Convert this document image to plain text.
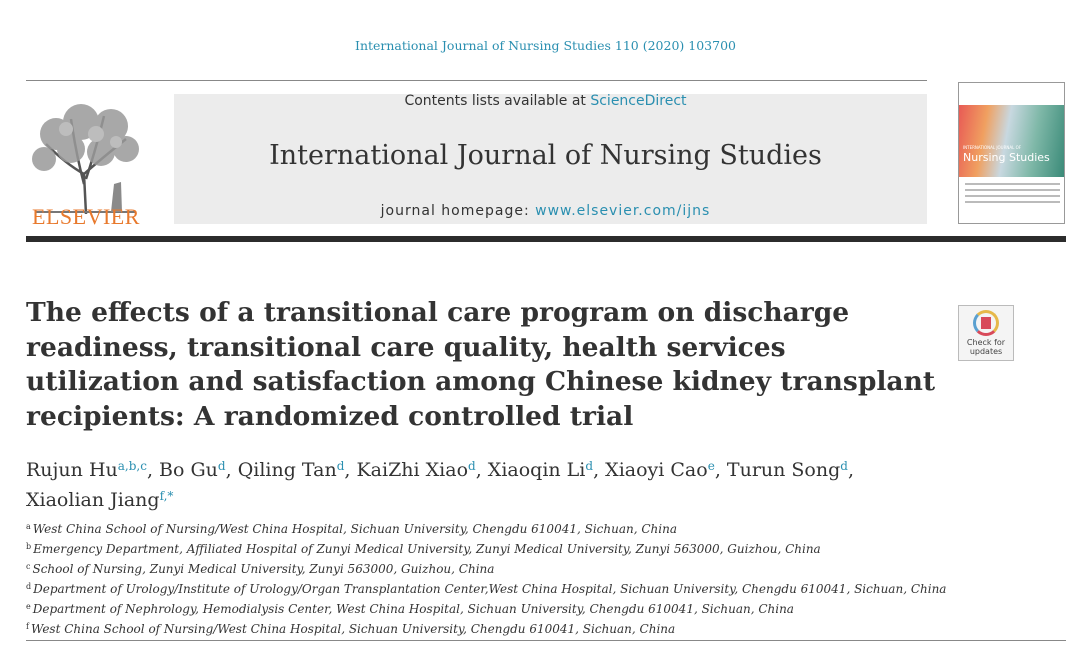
International Journal of Nursing Studies 110 (2020) 103700
ELSEVIER
Contents lists available at ScienceDirect
International Journal of Nursing Studies
journal homepage: www.elsevier.com/ijns
INTERNATIONAL JOURNAL OF
Nursing Studies
The effects of a transitional care program on discharge readiness, transitional care quality, health services utilization and satisfaction among Chinese kidney transplant recipients: A randomized controlled trial
Check for
updates
Rujun Hu$^{a,b,c}$, Bo Gu$^d$, Qiling Tan$^d$, KaiZhi Xiao$^d$, Xiaoqin Li$^d$, Xiaoyi Cao$^e$, Turun Song$^d$,
Xiaolian Jiang$^{f,*}$
$^a$ West China School of Nursing/West China Hospital, Sichuan University, Chengdu 610041, Sichuan, China
$^b$ Emergency Department, Affiliated Hospital of Zunyi Medical University, Zunyi Medical University, Zunyi 563000, Guizhou, China
$^c$ School of Nursing, Zunyi Medical University, Zunyi 563000, Guizhou, China
$^d$ Department of Urology/Institute of Urology/Organ Transplantation Center,West China Hospital, Sichuan University, Chengdu 610041, Sichuan, China
$^e$ Department of Nephrology, Hemodialysis Center, West China Hospital, Sichuan University, Chengdu 610041, Sichuan, China
$^f$ West China School of Nursing/West China Hospital, Sichuan University, Chengdu 610041, Sichuan, China
